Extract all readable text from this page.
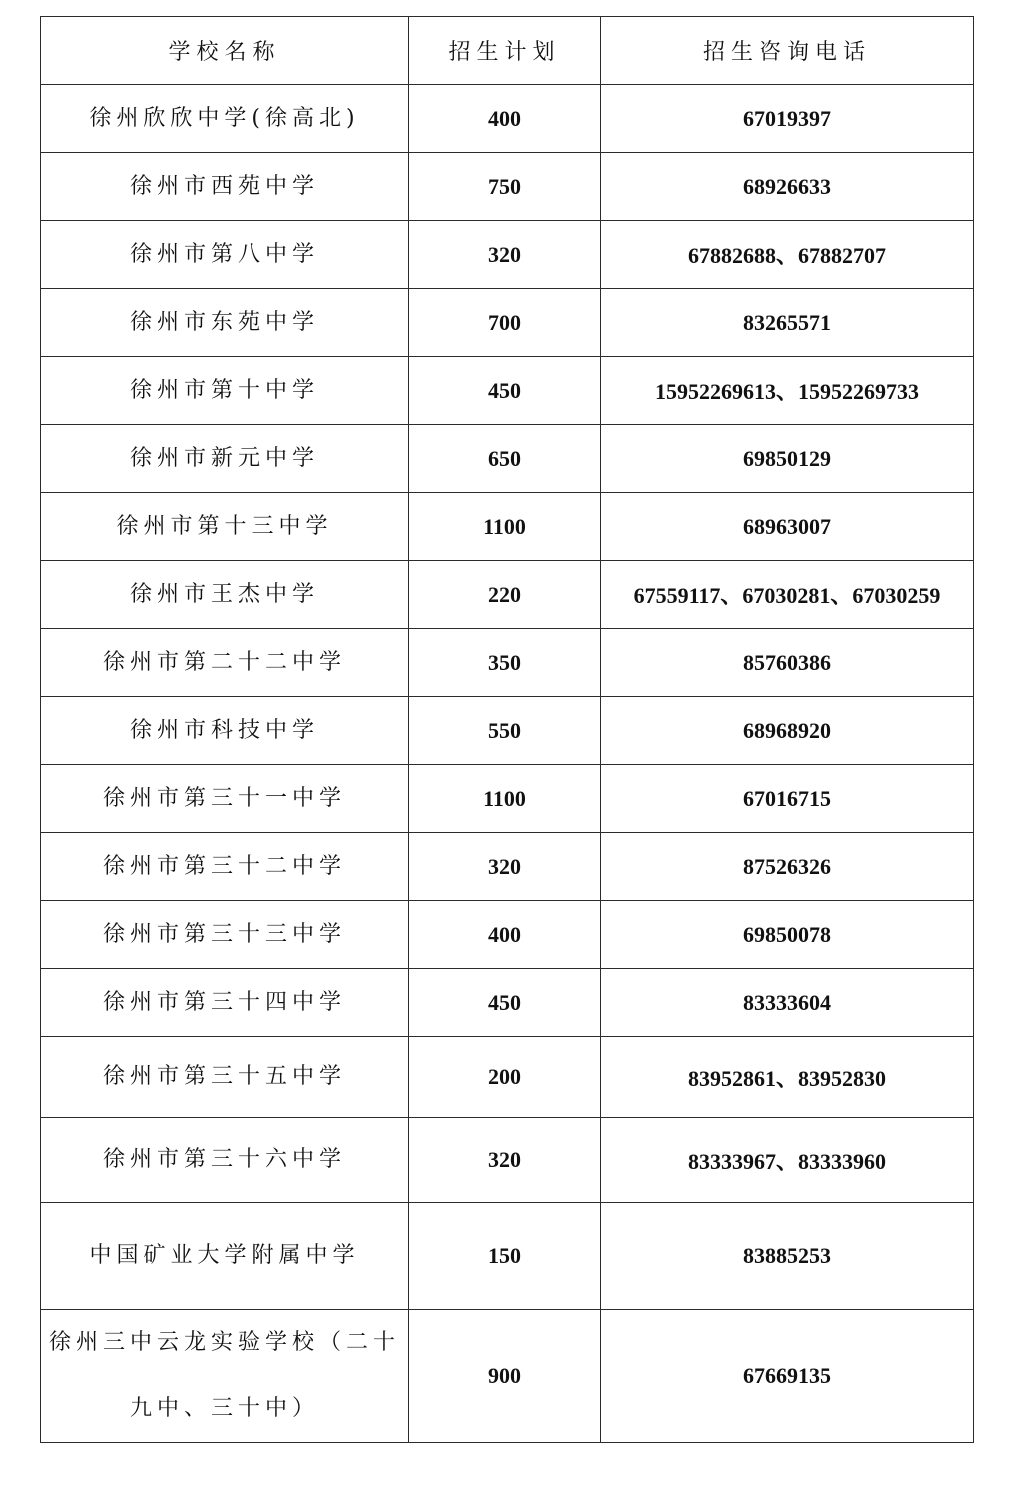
学校名称	招生计划	招生咨询电话
徐州欣欣中学(徐高北)	400	67019397
徐州市西苑中学	750	68926633
徐州市第八中学	320	67882688、67882707
徐州市东苑中学	700	83265571
徐州市第十中学	450	15952269613、15952269733
徐州市新元中学	650	69850129
徐州市第十三中学	1100	68963007
徐州市王杰中学	220	67559117、67030281、67030259
徐州市第二十二中学	350	85760386
徐州市科技中学	550	68968920
徐州市第三十一中学	1100	67016715
徐州市第三十二中学	320	87526326
徐州市第三十三中学	400	69850078
徐州市第三十四中学	450	83333604
徐州市第三十五中学	200	83952861、83952830
徐州市第三十六中学	320	83333967、83333960
中国矿业大学附属中学	150	83885253
徐州三中云龙实验学校（二十九中、三十中）	900	67669135
